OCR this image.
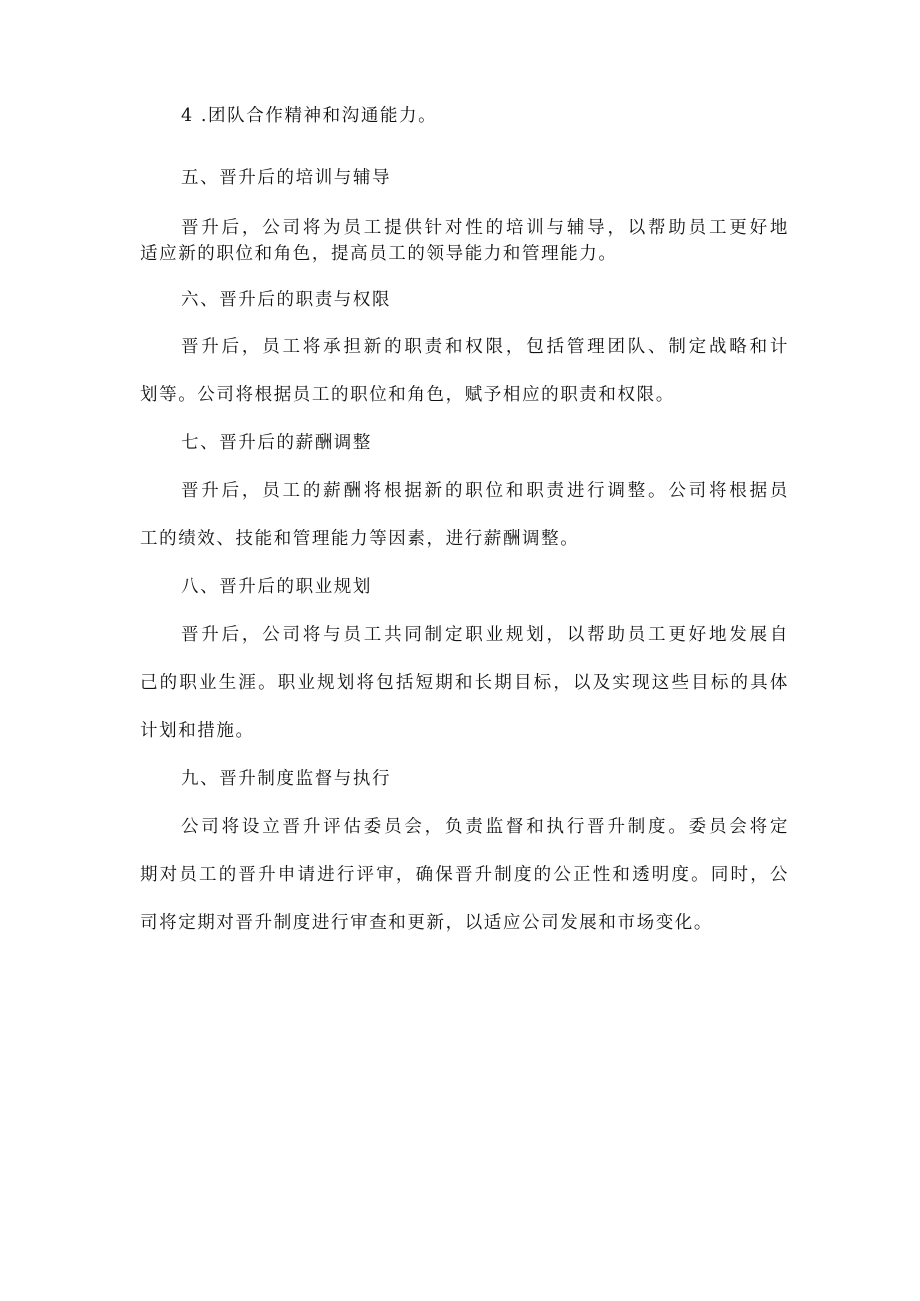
4 .团队合作精神和沟通能力。
五、晋升后的培训与辅导
晋升后，公司将为员工提供针对性的培训与辅导，以帮助员工更好地
适应新的职位和角色，提高员工的领导能力和管理能力。
六、晋升后的职责与权限
晋升后，员工将承担新的职责和权限，包括管理团队、制定战略和计
划等。公司将根据员工的职位和角色，赋予相应的职责和权限。
七、晋升后的薪酬调整
晋升后，员工的薪酬将根据新的职位和职责进行调整。公司将根据员
工的绩效、技能和管理能力等因素，进行薪酬调整。
八、晋升后的职业规划
晋升后，公司将与员工共同制定职业规划，以帮助员工更好地发展自
己的职业生涯。职业规划将包括短期和长期目标，以及实现这些目标的具体
计划和措施。
九、晋升制度监督与执行
公司将设立晋升评估委员会，负责监督和执行晋升制度。委员会将定
期对员工的晋升申请进行评审，确保晋升制度的公正性和透明度。同时，公
司将定期对晋升制度进行审查和更新，以适应公司发展和市场变化。
